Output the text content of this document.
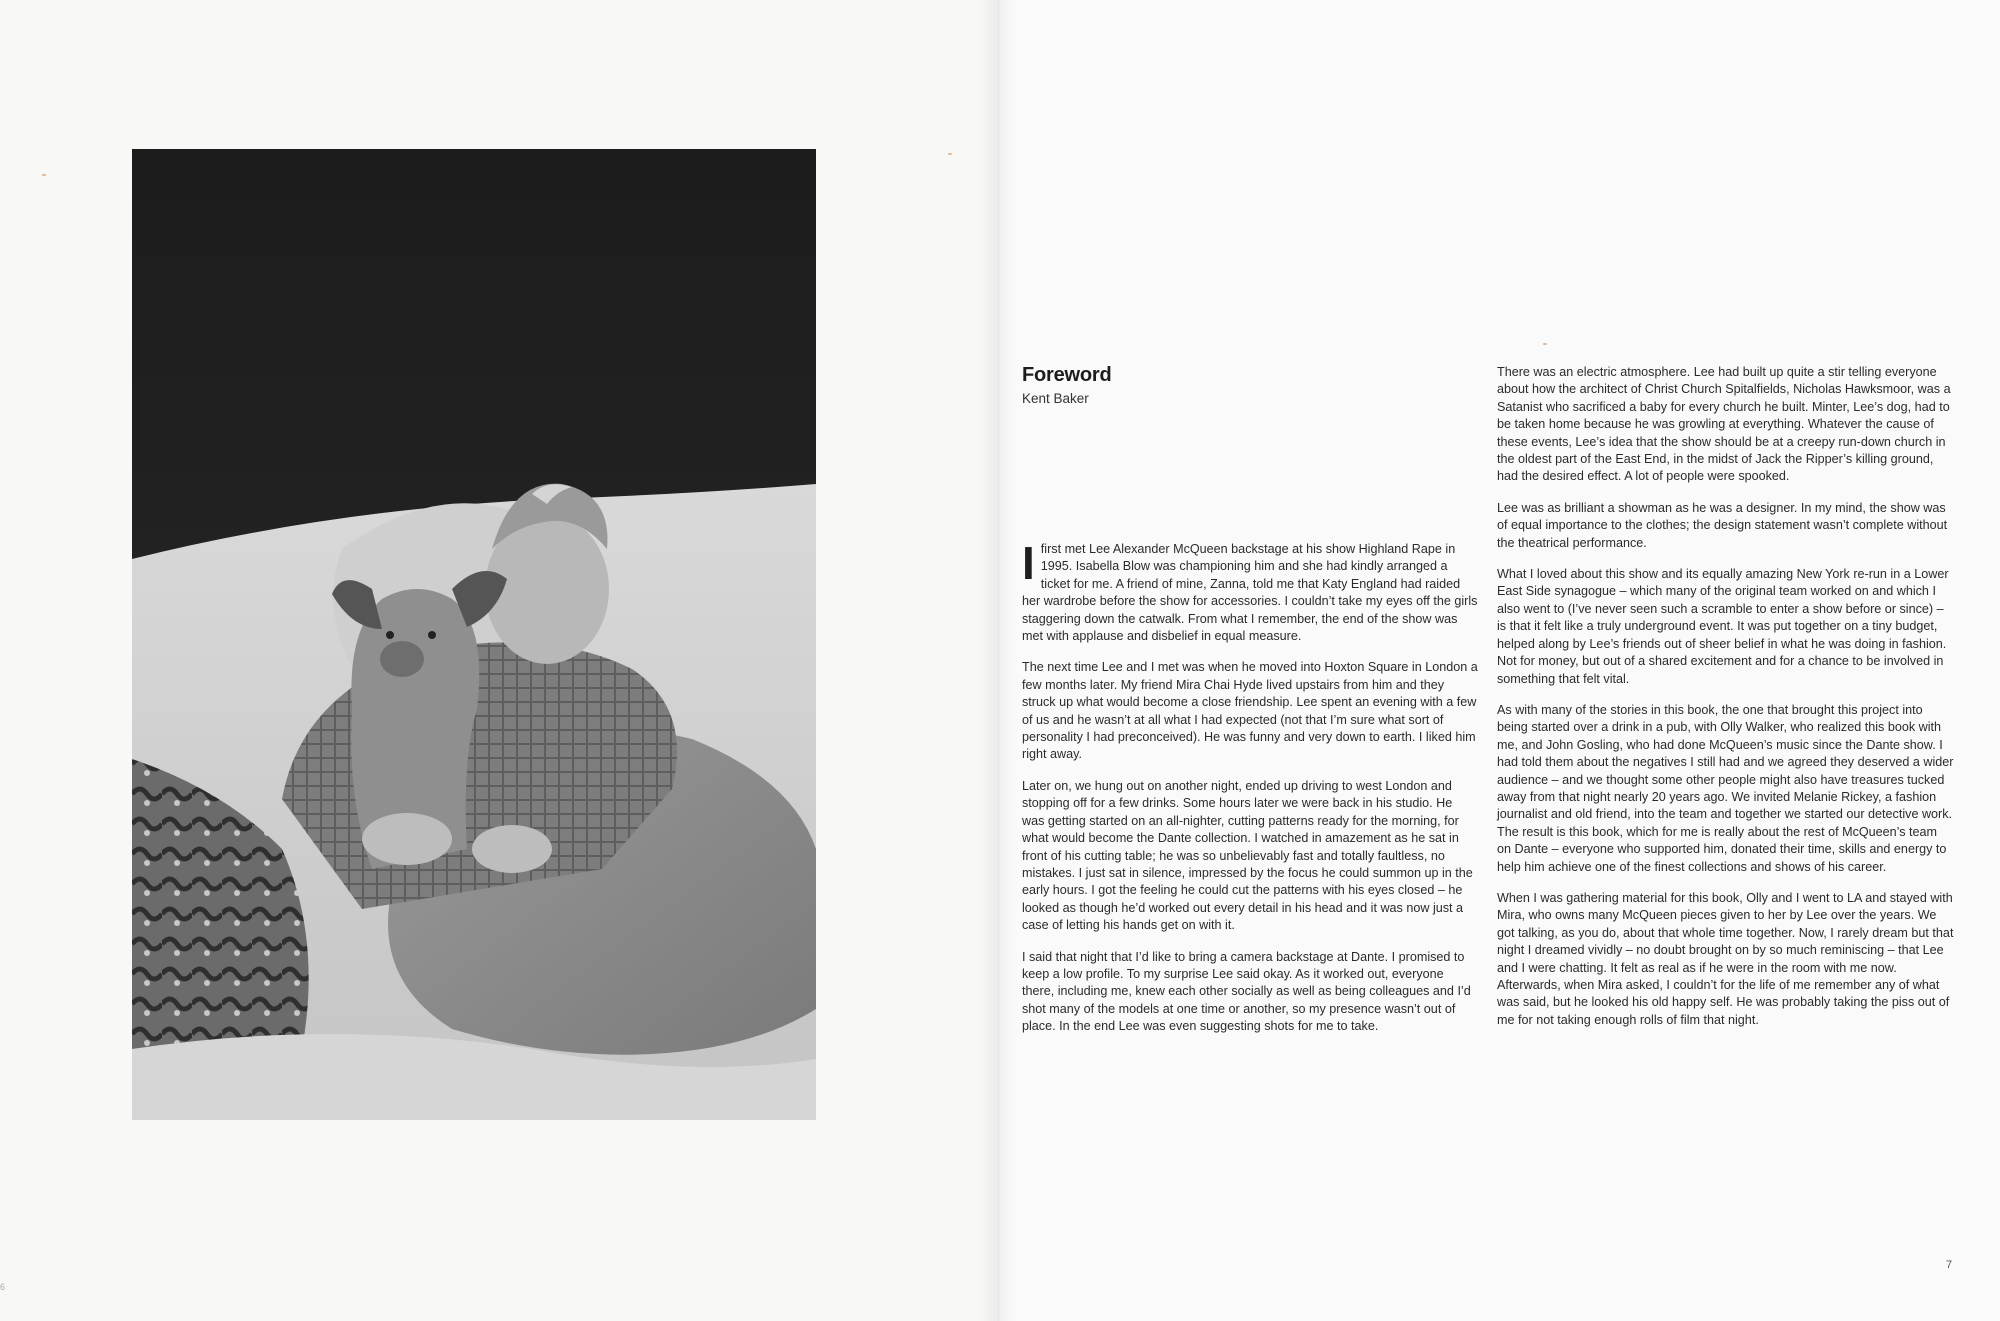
Foreword
Kent Baker

Ifirst met Lee Alexander McQueen backstage at his show Highland Rape in 1995. Isabella Blow was championing him and she had kindly arranged a ticket for me. A friend of mine, Zanna, told me that Katy England had raided her wardrobe before the show for accessories. I couldn’t take my eyes off the girls staggering down the catwalk. From what I remember, the end of the show was met with applause and disbelief in equal measure.

The next time Lee and I met was when he moved into Hoxton Square in London a few months later. My friend Mira Chai Hyde lived upstairs from him and they struck up what would become a close friendship. Lee spent an evening with a few of us and he wasn’t at all what I had expected (not that I’m sure what sort of personality I had preconceived). He was funny and very down to earth. I liked him right away.

Later on, we hung out on another night, ended up driving to west London and stopping off for a few drinks. Some hours later we were back in his studio. He was getting started on an all-nighter, cutting patterns ready for the morning, for what would become the Dante collection. I watched in amazement as he sat in front of his cutting table; he was so unbelievably fast and totally faultless, no mistakes. I just sat in silence, impressed by the focus he could summon up in the early hours. I got the feeling he could cut the patterns with his eyes closed – he looked as though he’d worked out every detail in his head and it was now just a case of letting his hands get on with it.

I said that night that I’d like to bring a camera backstage at Dante. I promised to keep a low profile. To my surprise Lee said okay. As it worked out, everyone there, including me, knew each other socially as well as being colleagues and I’d shot many of the models at one time or another, so my presence wasn’t out of place. In the end Lee was even suggesting shots for me to take.

There was an electric atmosphere. Lee had built up quite a stir telling everyone about how the architect of Christ Church Spitalfields, Nicholas Hawksmoor, was a Satanist who sacrificed a baby for every church he built. Minter, Lee’s dog, had to be taken home because he was growling at everything. Whatever the cause of these events, Lee’s idea that the show should be at a creepy run-down church in the oldest part of the East End, in the midst of Jack the Ripper’s killing ground, had the desired effect. A lot of people were spooked.

Lee was as brilliant a showman as he was a designer. In my mind, the show was of equal importance to the clothes; the design statement wasn’t complete without the theatrical performance.

What I loved about this show and its equally amazing New York re-run in a Lower East Side synagogue – which many of the original team worked on and which I also went to (I’ve never seen such a scramble to enter a show before or since) – is that it felt like a truly underground event. It was put together on a tiny budget, helped along by Lee’s friends out of sheer belief in what he was doing in fashion. Not for money, but out of a shared excitement and for a chance to be involved in something that felt vital.

As with many of the stories in this book, the one that brought this project into being started over a drink in a pub, with Olly Walker, who realized this book with me, and John Gosling, who had done McQueen’s music since the Dante show. I had told them about the negatives I still had and we agreed they deserved a wider audience – and we thought some other people might also have treasures tucked away from that night nearly 20 years ago. We invited Melanie Rickey, a fashion journalist and old friend, into the team and together we started our detective work. The result is this book, which for me is really about the rest of McQueen’s team on Dante – everyone who supported him, donated their time, skills and energy to help him achieve one of the finest collections and shows of his career.

When I was gathering material for this book, Olly and I went to LA and stayed with Mira, who owns many McQueen pieces given to her by Lee over the years. We got talking, as you do, about that whole time together. Now, I rarely dream but that night I dreamed vividly – no doubt brought on by so much reminiscing – that Lee and I were chatting. It felt as real as if he were in the room with me now. Afterwards, when Mira asked, I couldn’t for the life of me remember any of what was said, but he looked his old happy self. He was probably taking the piss out of me for not taking enough rolls of film that night.

6
7
